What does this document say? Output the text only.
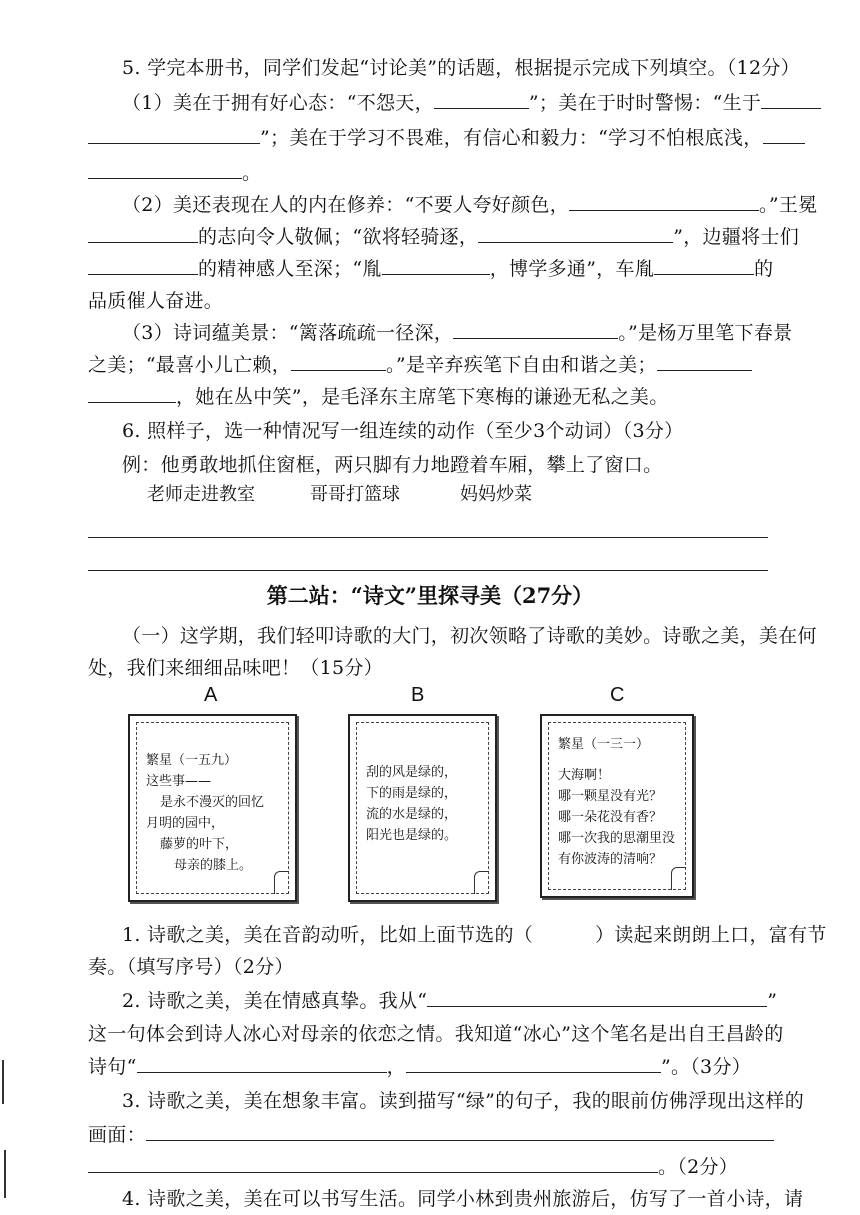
5. 学完本册书，同学们发起“讨论美”的话题，根据提示完成下列填空。（12分）
（1）美在于拥有好心态：“不怨天，	”；美在于时时警惕：“生于
”；美在于学习不畏难，有信心和毅力：“学习不怕根底浅，
。
（2）美还表现在人的内在修养：“不要人夸好颜色，	。”王冕
的志向令人敬佩；“欲将轻骑逐，	”，边疆将士们
的精神感人至深；“胤	，博学多通”，车胤	的
品质催人奋进。
（3）诗词蕴美景：“篱落疏疏一径深，	。”是杨万里笔下春景
之美；“最喜小儿亡赖，	。”是辛弃疾笔下自由和谐之美；
，她在丛中笑”，是毛泽东主席笔下寒梅的谦逊无私之美。
6. 照样子，选一种情况写一组连续的动作（至少3个动词）（3分）
例：他勇敢地抓住窗框，两只脚有力地蹬着车厢，攀上了窗口。
老师走进教室	哥哥打篮球	妈妈炒菜
第二站：“诗文”里探寻美（27分）
（一）这学期，我们轻叩诗歌的大门，初次领略了诗歌的美妙。诗歌之美，美在何
处，我们来细细品味吧！（15分）
A	B	C
繁星（一五九）
这些事——
是永不漫灭的回忆
月明的园中，
藤萝的叶下，
母亲的膝上。
刮的风是绿的，
下的雨是绿的，
流的水是绿的，
阳光也是绿的。
繁星（一三一）
大海啊！
哪一颗星没有光？
哪一朵花没有香？
哪一次我的思潮里没
有你波涛的清响？
1. 诗歌之美，美在音韵动听，比如上面节选的（	）读起来朗朗上口，富有节
奏。（填写序号）（2分）
2. 诗歌之美，美在情感真挚。我从“	”
这一句体会到诗人冰心对母亲的依恋之情。我知道“冰心”这个笔名是出自王昌龄的
诗句“	，	”。（3分）
3. 诗歌之美，美在想象丰富。读到描写“绿”的句子，我的眼前仿佛浮现出这样的
画面：
。（2分）
4. 诗歌之美，美在可以书写生活。同学小林到贵州旅游后，仿写了一首小诗，请
